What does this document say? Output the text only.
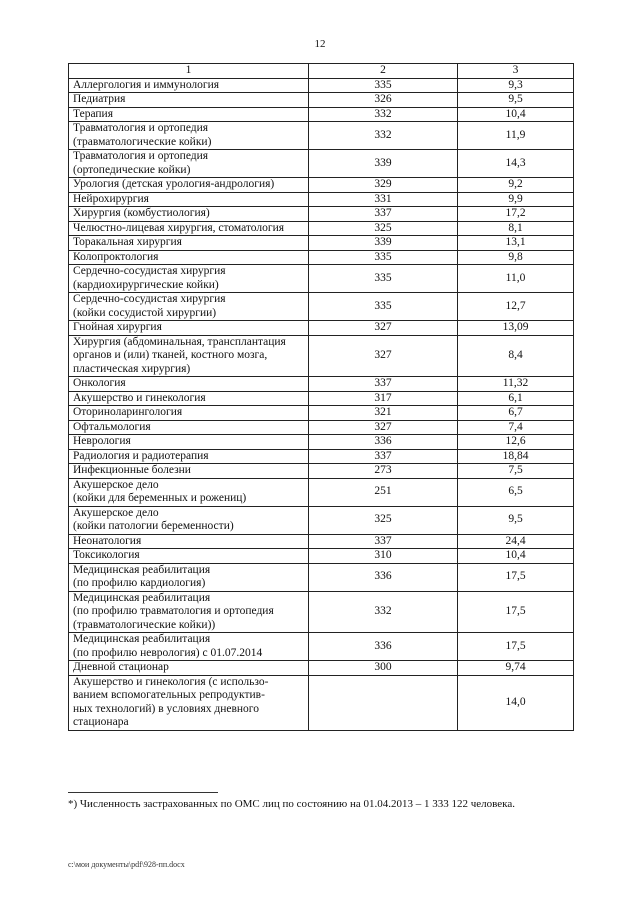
12
1	2	3

Аллергология и иммунология	335	9,3

Педиатрия	326	9,5

Терапия	332	10,4

Травматология и ортопедия
(травматологические койки)	332	11,9

Травматология и ортопедия
(ортопедические койки)	339	14,3

Урология (детская урология-андрология)	329	9,2

Нейрохирургия	331	9,9

Хирургия (комбустиология)	337	17,2

Челюстно-лицевая хирургия, стоматология	325	8,1

Торакальная хирургия	339	13,1

Колопроктология	335	9,8

Сердечно-сосудистая хирургия
(кардиохирургические койки)	335	11,0

Сердечно-сосудистая хирургия
(койки сосудистой хирургии)	335	12,7

Гнойная хирургия	327	13,09

Хирургия (абдоминальная, трансплантация
органов и (или) тканей, костного мозга,
пластическая хирургия)	327	8,4

Онкология	337	11,32

Акушерство и гинекология	317	6,1

Оториноларингология	321	6,7

Офтальмология	327	7,4

Неврология	336	12,6

Радиология и радиотерапия	337	18,84

Инфекционные болезни	273	7,5

Акушерское дело
(койки для беременных и рожениц)	251	6,5

Акушерское дело
(койки патологии беременности)	325	9,5

Неонатология	337	24,4

Токсикология	310	10,4

Медицинская реабилитация
(по профилю кардиология)	336	17,5

Медицинская реабилитация
(по профилю травматология и ортопедия
(травматологические койки))	332	17,5

Медицинская реабилитация
(по профилю неврология) с 01.07.2014	336	17,5

Дневной стационар	300	9,74

Акушерство и гинекология (с использо-
ванием вспомогательных репродуктив-
ных технологий) в условиях дневного
стационара		14,0
*) Численность застрахованных по ОМС лиц по состоянию на 01.04.2013 – 1 333 122 человека.
c:\мои документы\pdf\928-пп.docx
